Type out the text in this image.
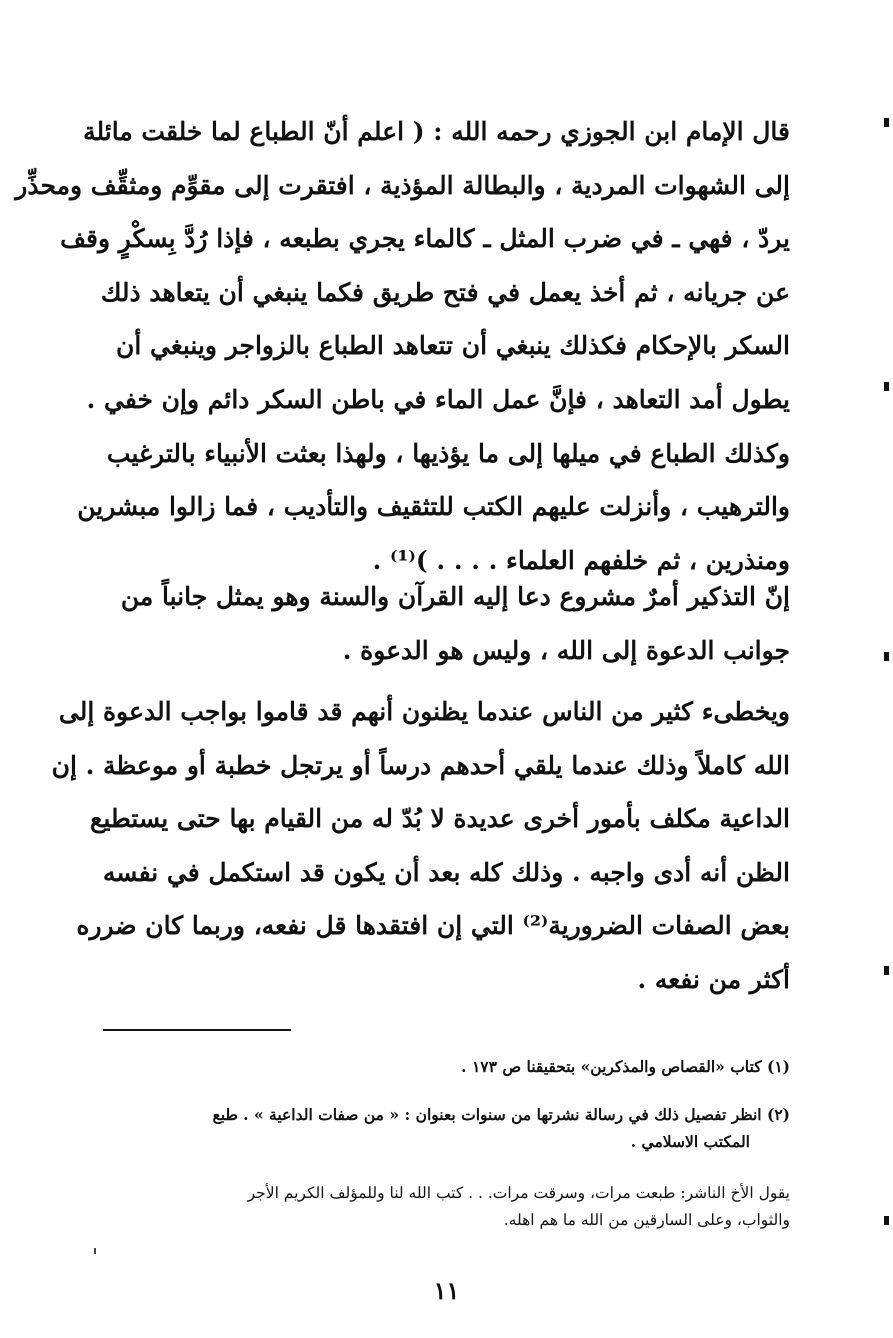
قال الإمام ابن الجوزي رحمه الله : ( اعلم أنّ الطباع لما خلقت مائلة
إلى الشهوات المردية ، والبطالة المؤذية ، افتقرت إلى مقوِّم ومثقِّف ومحذِّر
يردّ ، فهي ـ في ضرب المثل ـ كالماء يجري بطبعه ، فإذا رُدَّ بِسكْرٍ وقف
عن جريانه ، ثم أخذ يعمل في فتح طريق فكما ينبغي أن يتعاهد ذلك
السكر بالإحكام فكذلك ينبغي أن تتعاهد الطباع بالزواجر وينبغي أن
يطول أمد التعاهد ، فإنَّ عمل الماء في باطن السكر دائم وإن خفي .
وكذلك الطباع في ميلها إلى ما يؤذيها ، ولهذا بعثت الأنبياء بالترغيب
والترهيب ، وأنزلت عليهم الكتب للتثقيف والتأديب ، فما زالوا مبشرين
ومنذرين ، ثم خلفهم العلماء . . . . )⁽¹⁾ .
إنّ التذكير أمرٌ مشروع دعا إليه القرآن والسنة وهو يمثل جانباً من
جوانب الدعوة إلى الله ، وليس هو الدعوة .
ويخطىء كثير من الناس عندما يظنون أنهم قد قاموا بواجب الدعوة إلى
الله كاملاً وذلك عندما يلقي أحدهم درساً أو يرتجل خطبة أو موعظة . إن
الداعية مكلف بأمور أخرى عديدة لا بُدّ له من القيام بها حتى يستطيع
الظن أنه أدى واجبه . وذلك كله بعد أن يكون قد استكمل في نفسه
بعض الصفات الضرورية⁽²⁾ التي إن افتقدها قل نفعه، وربما كان ضرره
أكثر من نفعه .
(١) كتاب «القصاص والمذكرين» بتحقيقنا ص ١٧٣ .
(٢) انظر تفصيل ذلك في رسالة نشرتها من سنوات بعنوان : « من صفات الداعية » . طبع
المكتب الاسلامي .
يقول الأخ الناشر: طبعت مرات، وسرقت مرات. . . كتب الله لنا وللمؤلف الكريم الأجر
والثواب، وعلى السارقين من الله ما هم اهله.
١١
